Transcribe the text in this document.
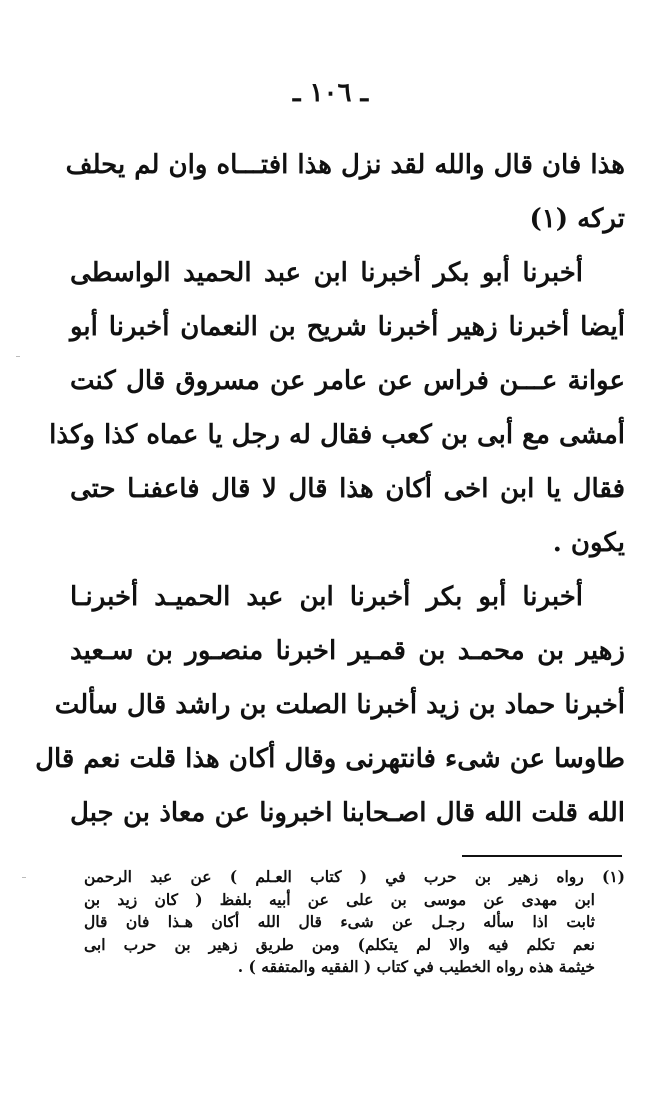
ـ ١٠٦ ـ
هذا فان قال والله لقد نزل هذا افتـــاه وان لم يحلف
تركه (١)
أخبرنا أبو بكر أخبرنا ابن عبد الحميد الواسطى
أيضا أخبرنا زهير أخبرنا شريح بن النعمان أخبرنا أبو
عوانة عـــن فراس عن عامر عن مسروق قال كنت
أمشى مع أبى بن كعب فقال له رجل يا عماه كذا وكذا
فقال يا ابن اخى أكان هذا قال لا قال فاعفنـا حتى
يكون .
أخبرنا أبو بكر أخبرنا ابن عبد الحميـد أخبرنـا
زهير بن محمـد بن قمـير اخبرنا منصـور بن سـعيد
أخبرنا حماد بن زيد أخبرنا الصلت بن راشد قال سألت
طاوسا عن شىء فانتهرنى وقال أكان هذا قلت نعم قال
الله قلت الله قال اصـحابنا اخبرونا عن معاذ بن جبل
(١) رواه زهير بن حرب في ( كتاب العـلم ) عن عبد الرحمن
ابن مهدى عن موسى بن على عن أبيه بلفظ ( كان زيد بن
ثابت اذا سأله رجـل عن شىء قال الله أكان هـذا فان قال
نعم تكلم فيه والا لم يتكلم) ومن طريق زهير بن حرب ابى
خيثمة هذه رواه الخطيب في كتاب ( الفقيه والمتفقه ) .
